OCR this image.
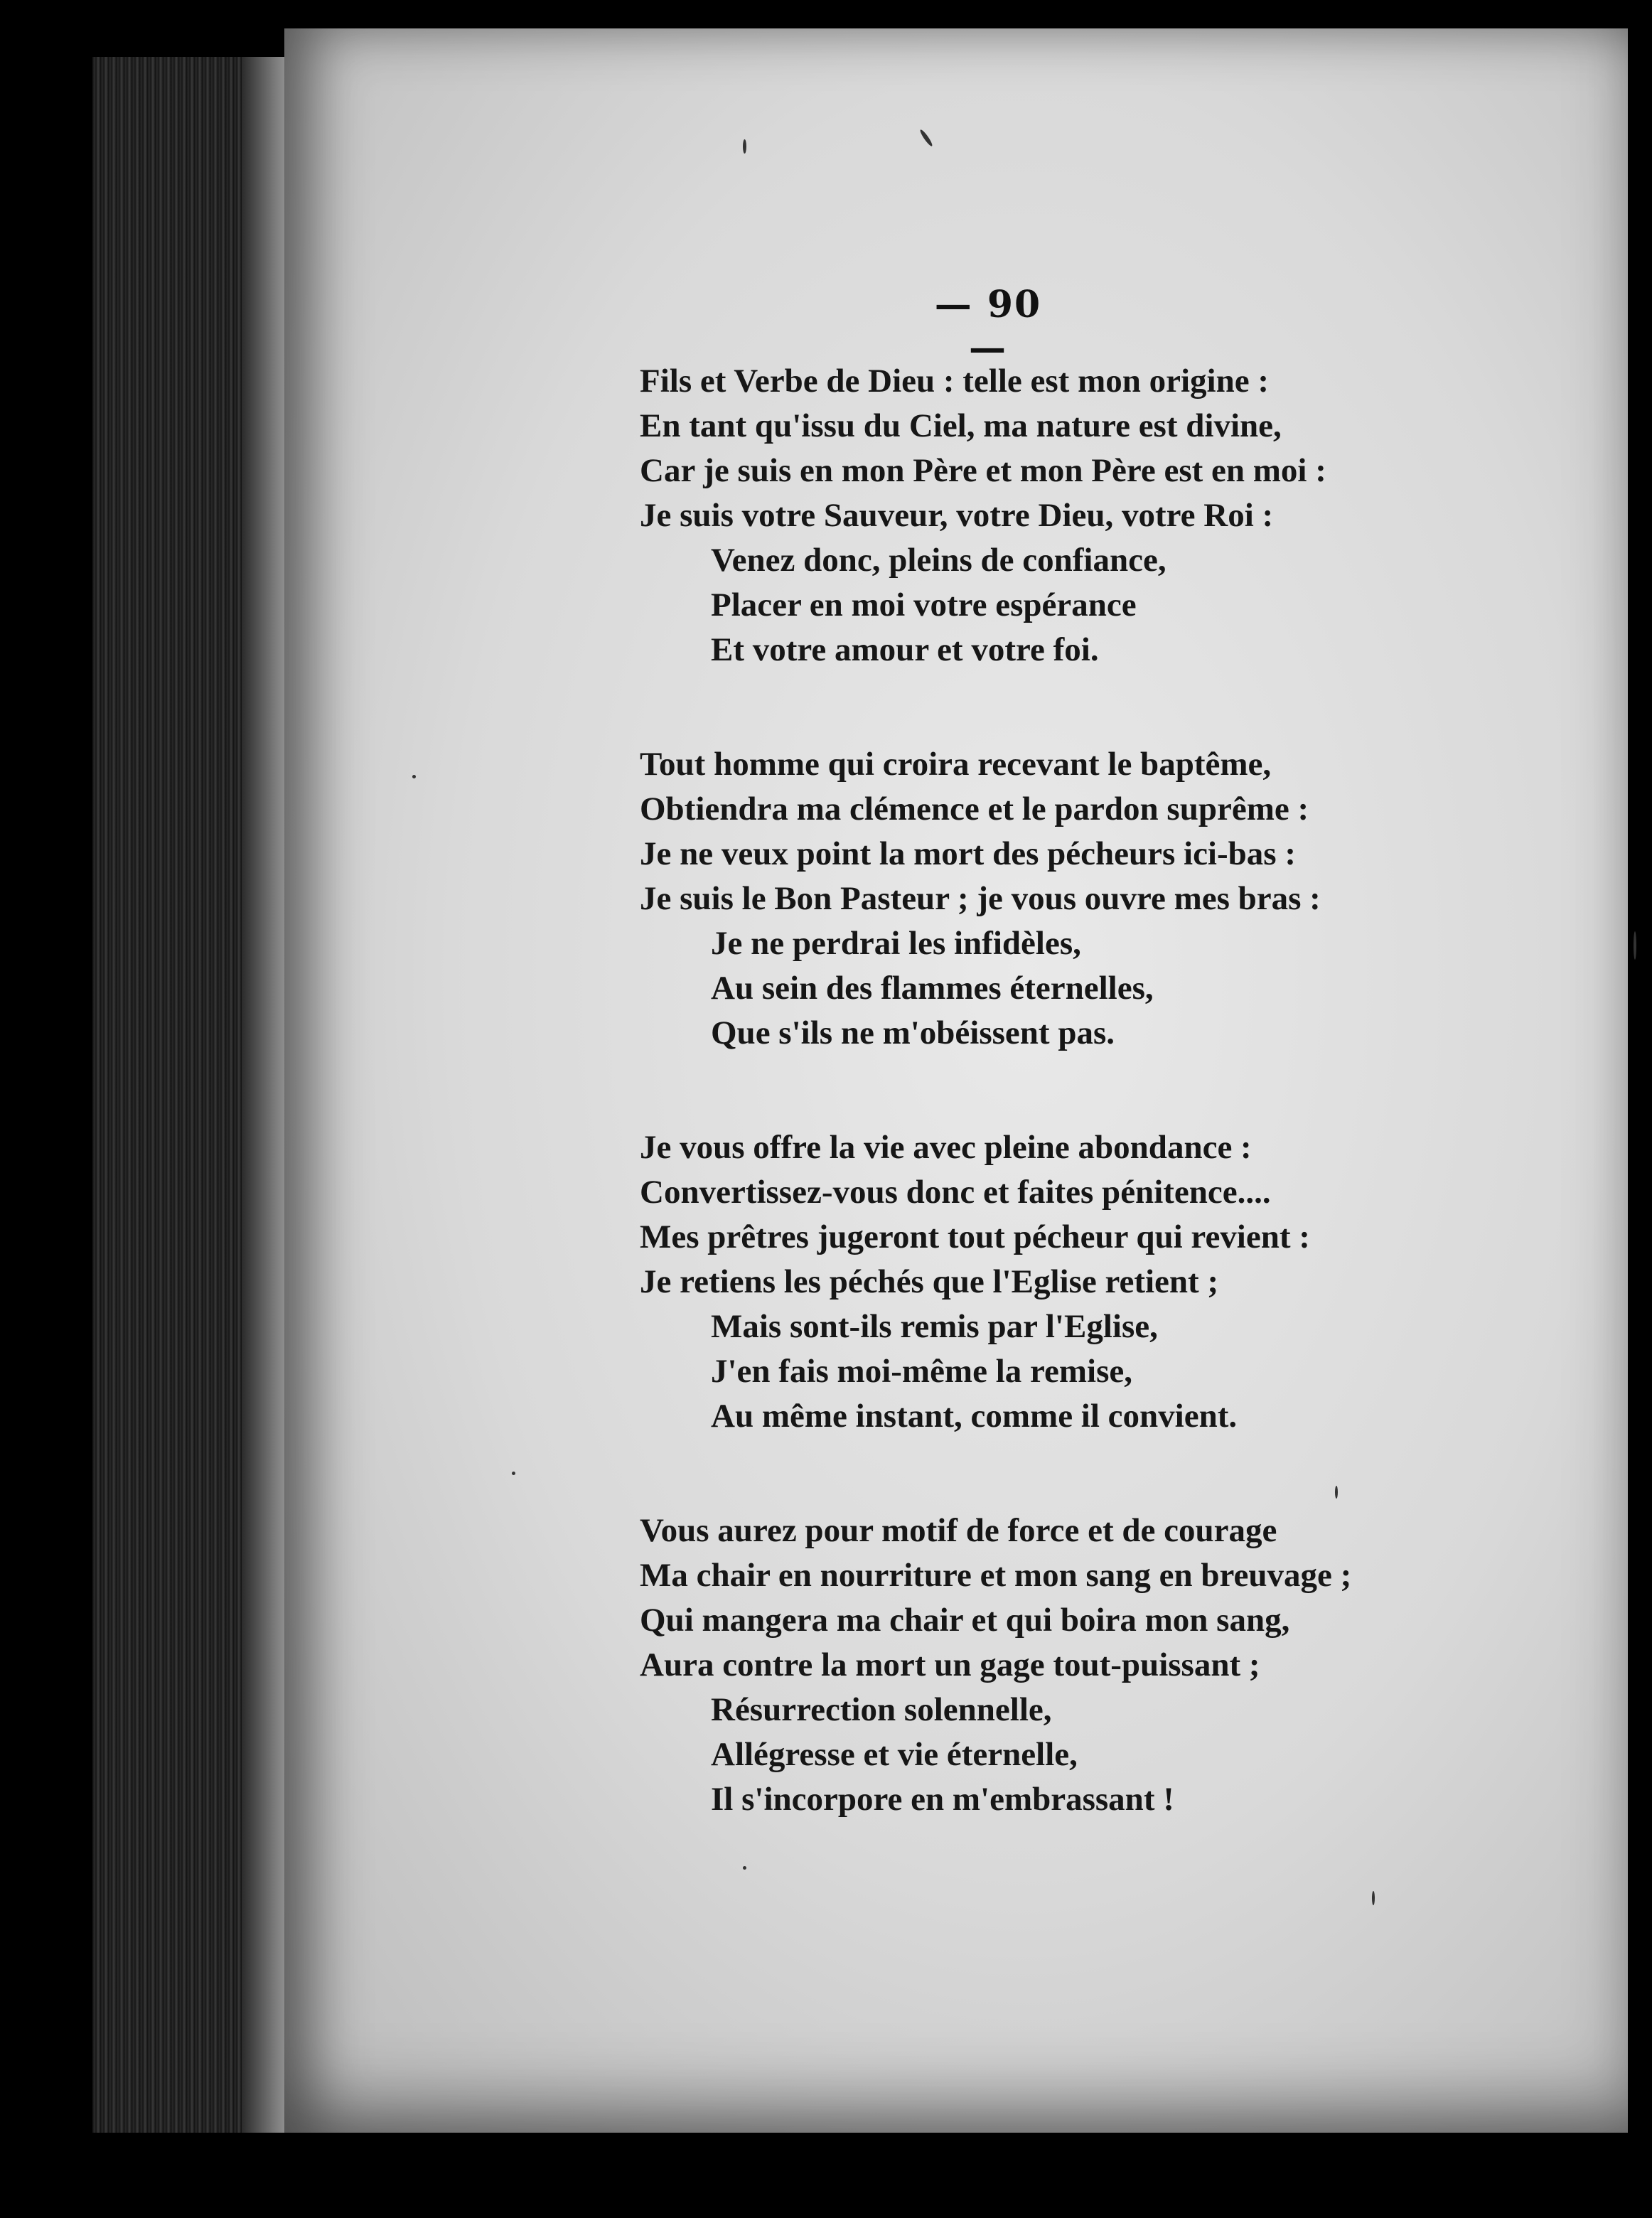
— 90 —
Fils et Verbe de Dieu : telle est mon origine :
En tant qu'issu du Ciel, ma nature est divine,
Car je suis en mon Père et mon Père est en moi :
Je suis votre Sauveur, votre Dieu, votre Roi :
Venez donc, pleins de confiance,
Placer en moi votre espérance
Et votre amour et votre foi.
Tout homme qui croira recevant le baptême,
Obtiendra ma clémence et le pardon suprême :
Je ne veux point la mort des pécheurs ici-bas :
Je suis le Bon Pasteur ; je vous ouvre mes bras :
Je ne perdrai les infidèles,
Au sein des flammes éternelles,
Que s'ils ne m'obéissent pas.
Je vous offre la vie avec pleine abondance :
Convertissez-vous donc et faites pénitence....
Mes prêtres jugeront tout pécheur qui revient :
Je retiens les péchés que l'Eglise retient ;
Mais sont-ils remis par l'Eglise,
J'en fais moi-même la remise,
Au même instant, comme il convient.
Vous aurez pour motif de force et de courage
Ma chair en nourriture et mon sang en breuvage ;
Qui mangera ma chair et qui boira mon sang,
Aura contre la mort un gage tout-puissant ;
Résurrection solennelle,
Allégresse et vie éternelle,
Il s'incorpore en m'embrassant !
